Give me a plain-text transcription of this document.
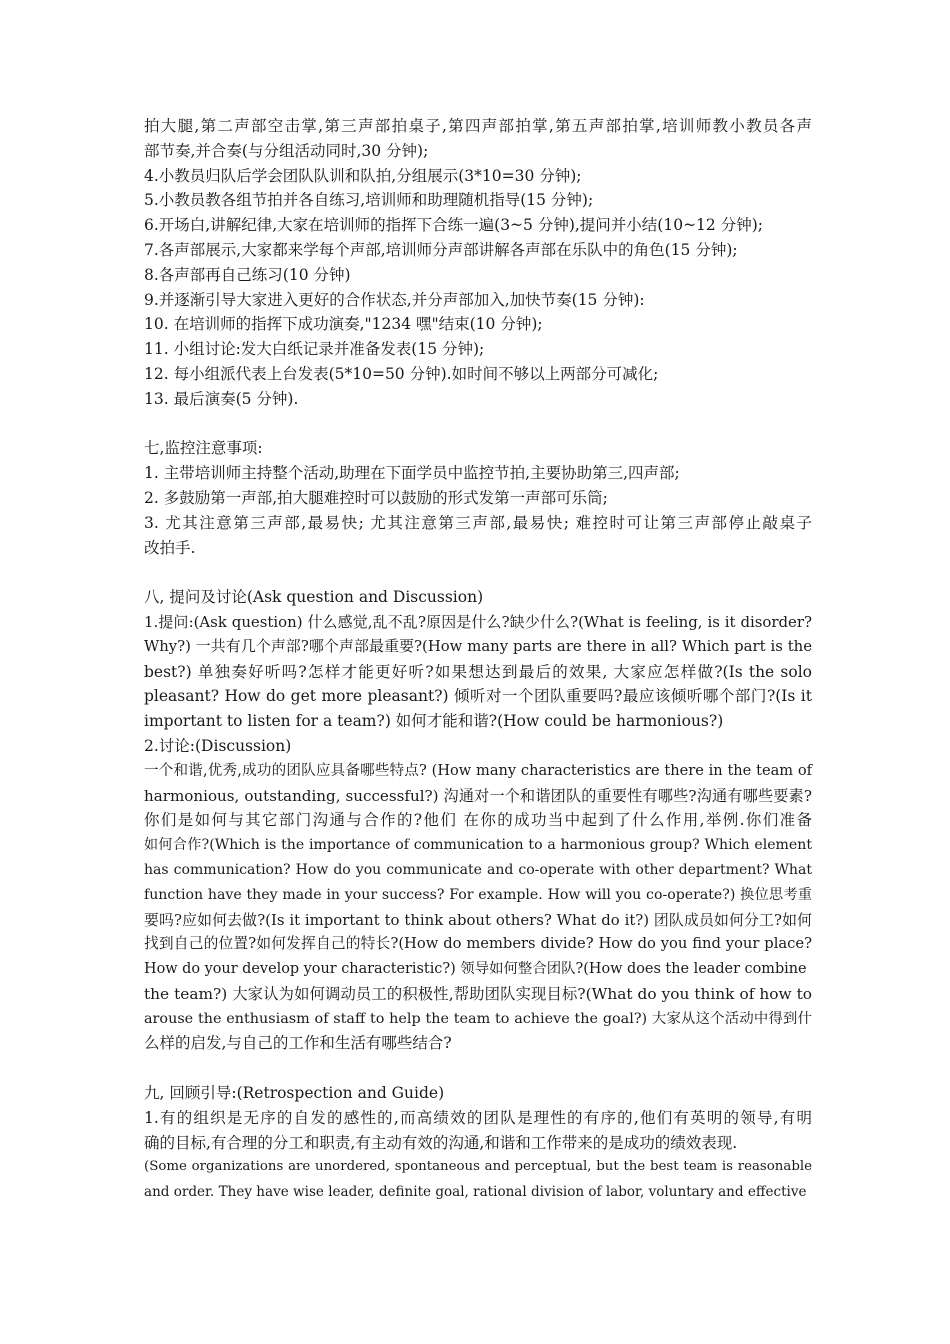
拍大腿,第二声部空击掌,第三声部拍桌子,第四声部拍掌,第五声部拍掌,培训师教小教员各声
部节奏,并合奏(与分组活动同时,30 分钟);
4.小教员归队后学会团队队训和队拍,分组展示(3*10=30 分钟);
5.小教员教各组节拍并各自练习,培训师和助理随机指导(15 分钟);
6.开场白,讲解纪律,大家在培训师的指挥下合练一遍(3~5 分钟),提问并小结(10~12 分钟);
7.各声部展示,大家都来学每个声部,培训师分声部讲解各声部在乐队中的角色(15 分钟);
8.各声部再自己练习(10 分钟)
9.并逐渐引导大家进入更好的合作状态,并分声部加入,加快节奏(15 分钟):
10. 在培训师的指挥下成功演奏,"1234 嘿"结束(10 分钟);
11. 小组讨论:发大白纸记录并准备发表(15 分钟);
12. 每小组派代表上台发表(5*10=50 分钟).如时间不够以上两部分可减化;
13. 最后演奏(5 分钟).
七,监控注意事项:
1. 主带培训师主持整个活动,助理在下面学员中监控节拍,主要协助第三,四声部;
2. 多鼓励第一声部,拍大腿难控时可以鼓励的形式发第一声部可乐筒;
3. 尤其注意第三声部,最易快; 尤其注意第三声部,最易快; 难控时可让第三声部停止敲桌子
改拍手.
八, 提问及讨论(Ask question and Discussion)
1.提问:(Ask question) 什么感觉,乱不乱?原因是什么?缺少什么?(What is feeling, is it disorder?
Why?) 一共有几个声部?哪个声部最重要?(How many parts are there in all? Which part is the
best?) 单独奏好听吗?怎样才能更好听?如果想达到最后的效果, 大家应怎样做?(Is the solo
pleasant? How do get more pleasant?) 倾听对一个团队重要吗?最应该倾听哪个部门?(Is it
important to listen for a team?) 如何才能和谐?(How could be harmonious?)
2.讨论:(Discussion)
一个和谐,优秀,成功的团队应具备哪些特点? (How many characteristics are there in the team of
harmonious, outstanding, successful?) 沟通对一个和谐团队的重要性有哪些?沟通有哪些要素?
你们是如何与其它部门沟通与合作的?他们 在你的成功当中起到了什么作用,举例.你们准备
如何合作?(Which is the importance of communication to a harmonious group? Which element
has communication? How do you communicate and co-operate with other department? What
function have they made in your success? For example. How will you co-operate?) 换位思考重
要吗?应如何去做?(Is it important to think about others? What do it?) 团队成员如何分工?如何
找到自己的位置?如何发挥自己的特长?(How do members divide? How do you find your place?
How do your develop your characteristic?) 领导如何整合团队?(How does the leader combine
the team?) 大家认为如何调动员工的积极性,帮助团队实现目标?(What do you think of how to
arouse the enthusiasm of staff to help the team to achieve the goal?) 大家从这个活动中得到什
么样的启发,与自己的工作和生活有哪些结合?
九, 回顾引导:(Retrospection and Guide)
1.有的组织是无序的自发的感性的,而高绩效的团队是理性的有序的,他们有英明的领导,有明
确的目标,有合理的分工和职责,有主动有效的沟通,和谐和工作带来的是成功的绩效表现.
(Some organizations are unordered, spontaneous and perceptual, but the best team is reasonable
and order. They have wise leader, definite goal, rational division of labor, voluntary and effective
